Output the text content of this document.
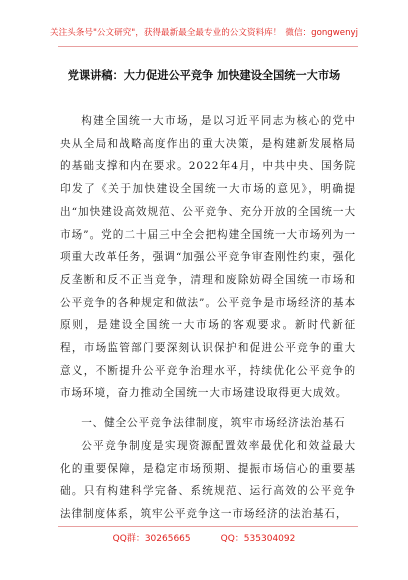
关注头条号"公文研究"，获得最新最全最专业的公文资料库！ 微信：gongwenyj
党课讲稿：大力促进公平竞争 加快建设全国统一大市场

构建全国统一大市场，是以习近平同志为核心的党中央从全局和战略高度作出的重大决策，是构建新发展格局的基础支撑和内在要求。2022年4月，中共中央、国务院印发了《关于加快建设全国统一大市场的意见》，明确提出“加快建设高效规范、公平竞争、充分开放的全国统一大市场”。党的二十届三中全会把构建全国统一大市场列为一项重大改革任务，强调“加强公平竞争审查刚性约束，强化反垄断和反不正当竞争，清理和废除妨碍全国统一市场和公平竞争的各种规定和做法”。公平竞争是市场经济的基本原则，是建设全国统一大市场的客观要求。新时代新征程，市场监管部门要深刻认识保护和促进公平竞争的重大意义，不断提升公平竞争治理水平，持续优化公平竞争的市场环境，奋力推动全国统一大市场建设取得更大成效。

一、健全公平竞争法律制度，筑牢市场经济法治基石

公平竞争制度是实现资源配置效率最优化和效益最大化的重要保障，是稳定市场预期、提振市场信心的重要基础。只有构建科学完备、系统规范、运行高效的公平竞争法律制度体系，筑牢公平竞争这一市场经济的法治基石，

QQ群：30265665	QQ：535304092
